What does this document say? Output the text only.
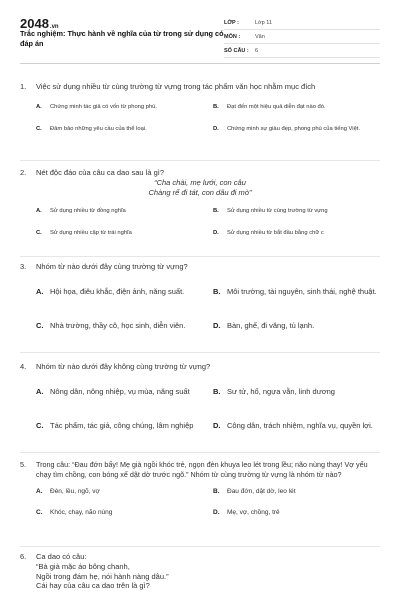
2048.vn
Trắc nghiệm: Thực hành về nghĩa của từ trong sử dụng có đáp án
LỚP :	Lớp 11
MÔN :	Văn
SỐ CÂU :	6
1.	Việc sử dụng nhiều từ cùng trường từ vựng trong tác phẩm văn học nhằm mục đích
A.	Chứng minh tác giả có vốn từ phong phú.	B.	Đạt đến một hiệu quả diễn đạt nào đó.
C.	Đảm bảo những yêu cầu của thể loại.	D.	Chứng minh sự giàu đẹp, phong phú của tiếng Việt.
2.	Nét độc đáo của câu ca dao sau là gì?
“Cha chài, mẹ lưới, con câu
Chàng rể đi tát, con dâu đi mò”
A.	Sử dụng nhiều từ đồng nghĩa	B.	Sử dụng nhiều từ cùng trường từ vựng
C.	Sử dụng nhiều cặp từ trái nghĩa	D.	Sử dụng nhiều từ bắt đầu bằng chữ c
3.	Nhóm từ nào dưới đây cùng trường từ vựng?
A. Hội họa, điêu khắc, điện ảnh, năng suất.	B. Môi trường, tài nguyên, sinh thái, nghệ thuật.
C. Nhà trường, thầy cô, học sinh, diễn viên.	D. Bàn, ghế, đi văng, tủ lạnh.
4.	Nhóm từ nào dưới đây không cùng trường từ vựng?
A. Nông dân, nông nhiệp, vụ mùa, năng suất	B. Sư tử, hổ, ngựa vằn, linh dương
C. Tác phẩm, tác giả, công chúng, lâm nghiệp	D. Công dân, trách nhiệm, nghĩa vụ, quyền lợi.
5.	Trong câu: “Đau đớn bấy! Mẹ già ngồi khóc trẻ, ngọn đèn khuya leo lét trong lều; não nùng thay! Vợ yếu chạy tìm chồng, con bóng xế dật dờ trước ngõ.” Nhóm từ cùng trường từ vựng là nhóm từ nào?
A.	Đèn, lều, ngõ, vợ	B.	Đau đớn, dật dờ, leo lét
C.	Khóc, chạy, não nùng	D.	Mẹ, vợ, chồng, trẻ
6.	Ca dao có câu:
“Bà già mặc áo bông chanh,
Ngồi trong đám hẹ, nói hành nàng dâu.”
Cái hay của câu ca dao trên là gì?
